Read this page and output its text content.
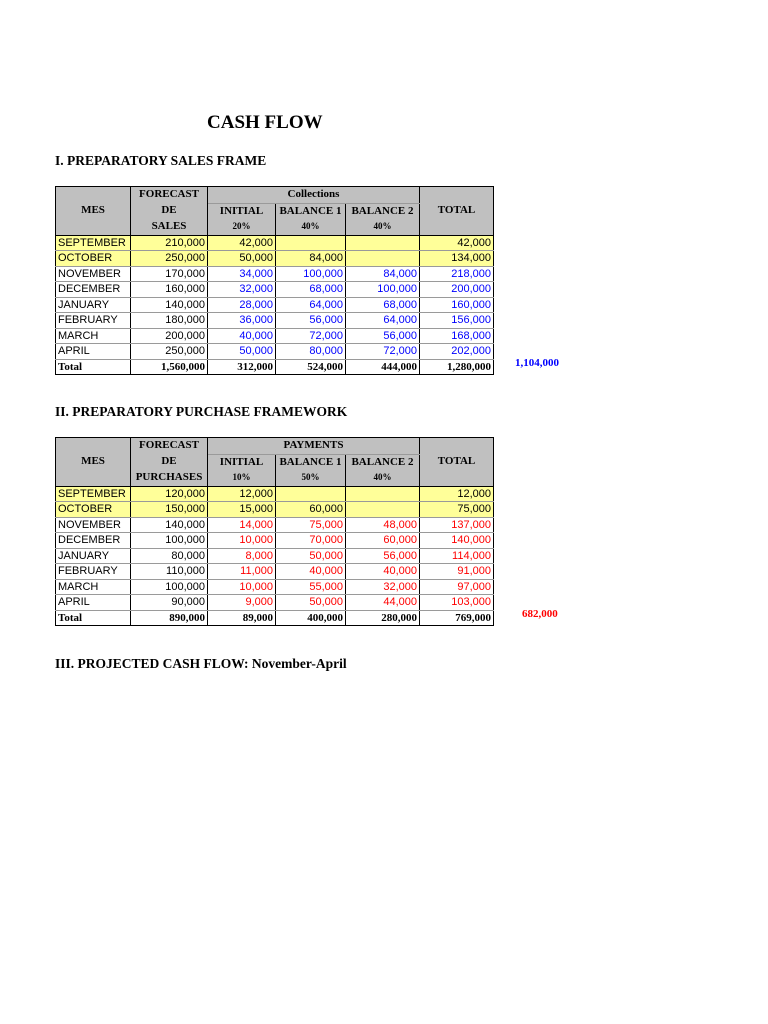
CASH FLOW
I. PREPARATORY SALES FRAME
MES	FORECAST	Collections			TOTAL
	DE	INITIAL	BALANCE 1	BALANCE 2	
	SALES	20%	40%	40%	
SEPTEMBER	210,000	42,000			42,000
OCTOBER	250,000	50,000	84,000		134,000
NOVEMBER	170,000	34,000	100,000	84,000	218,000
DECEMBER	160,000	32,000	68,000	100,000	200,000
JANUARY	140,000	28,000	64,000	68,000	160,000
FEBRUARY	180,000	36,000	56,000	64,000	156,000
MARCH	200,000	40,000	72,000	56,000	168,000
APRIL	250,000	50,000	80,000	72,000	202,000
Total	1,560,000	312,000	524,000	444,000	1,280,000 1,104,000
II. PREPARATORY PURCHASE FRAMEWORK
MES	FORECAST	PAYMENTS			TOTAL
	DE	INITIAL	BALANCE 1	BALANCE 2	
	PURCHASES	10%	50%	40%	
SEPTEMBER	120,000	12,000			12,000
OCTOBER	150,000	15,000	60,000		75,000
NOVEMBER	140,000	14,000	75,000	48,000	137,000
DECEMBER	100,000	10,000	70,000	60,000	140,000
JANUARY	80,000	8,000	50,000	56,000	114,000
FEBRUARY	110,000	11,000	40,000	40,000	91,000
MARCH	100,000	10,000	55,000	32,000	97,000
APRIL	90,000	9,000	50,000	44,000	103,000
Total	890,000	89,000	400,000	280,000	769,000	682,000
III. PROJECTED CASH FLOW: November-April
